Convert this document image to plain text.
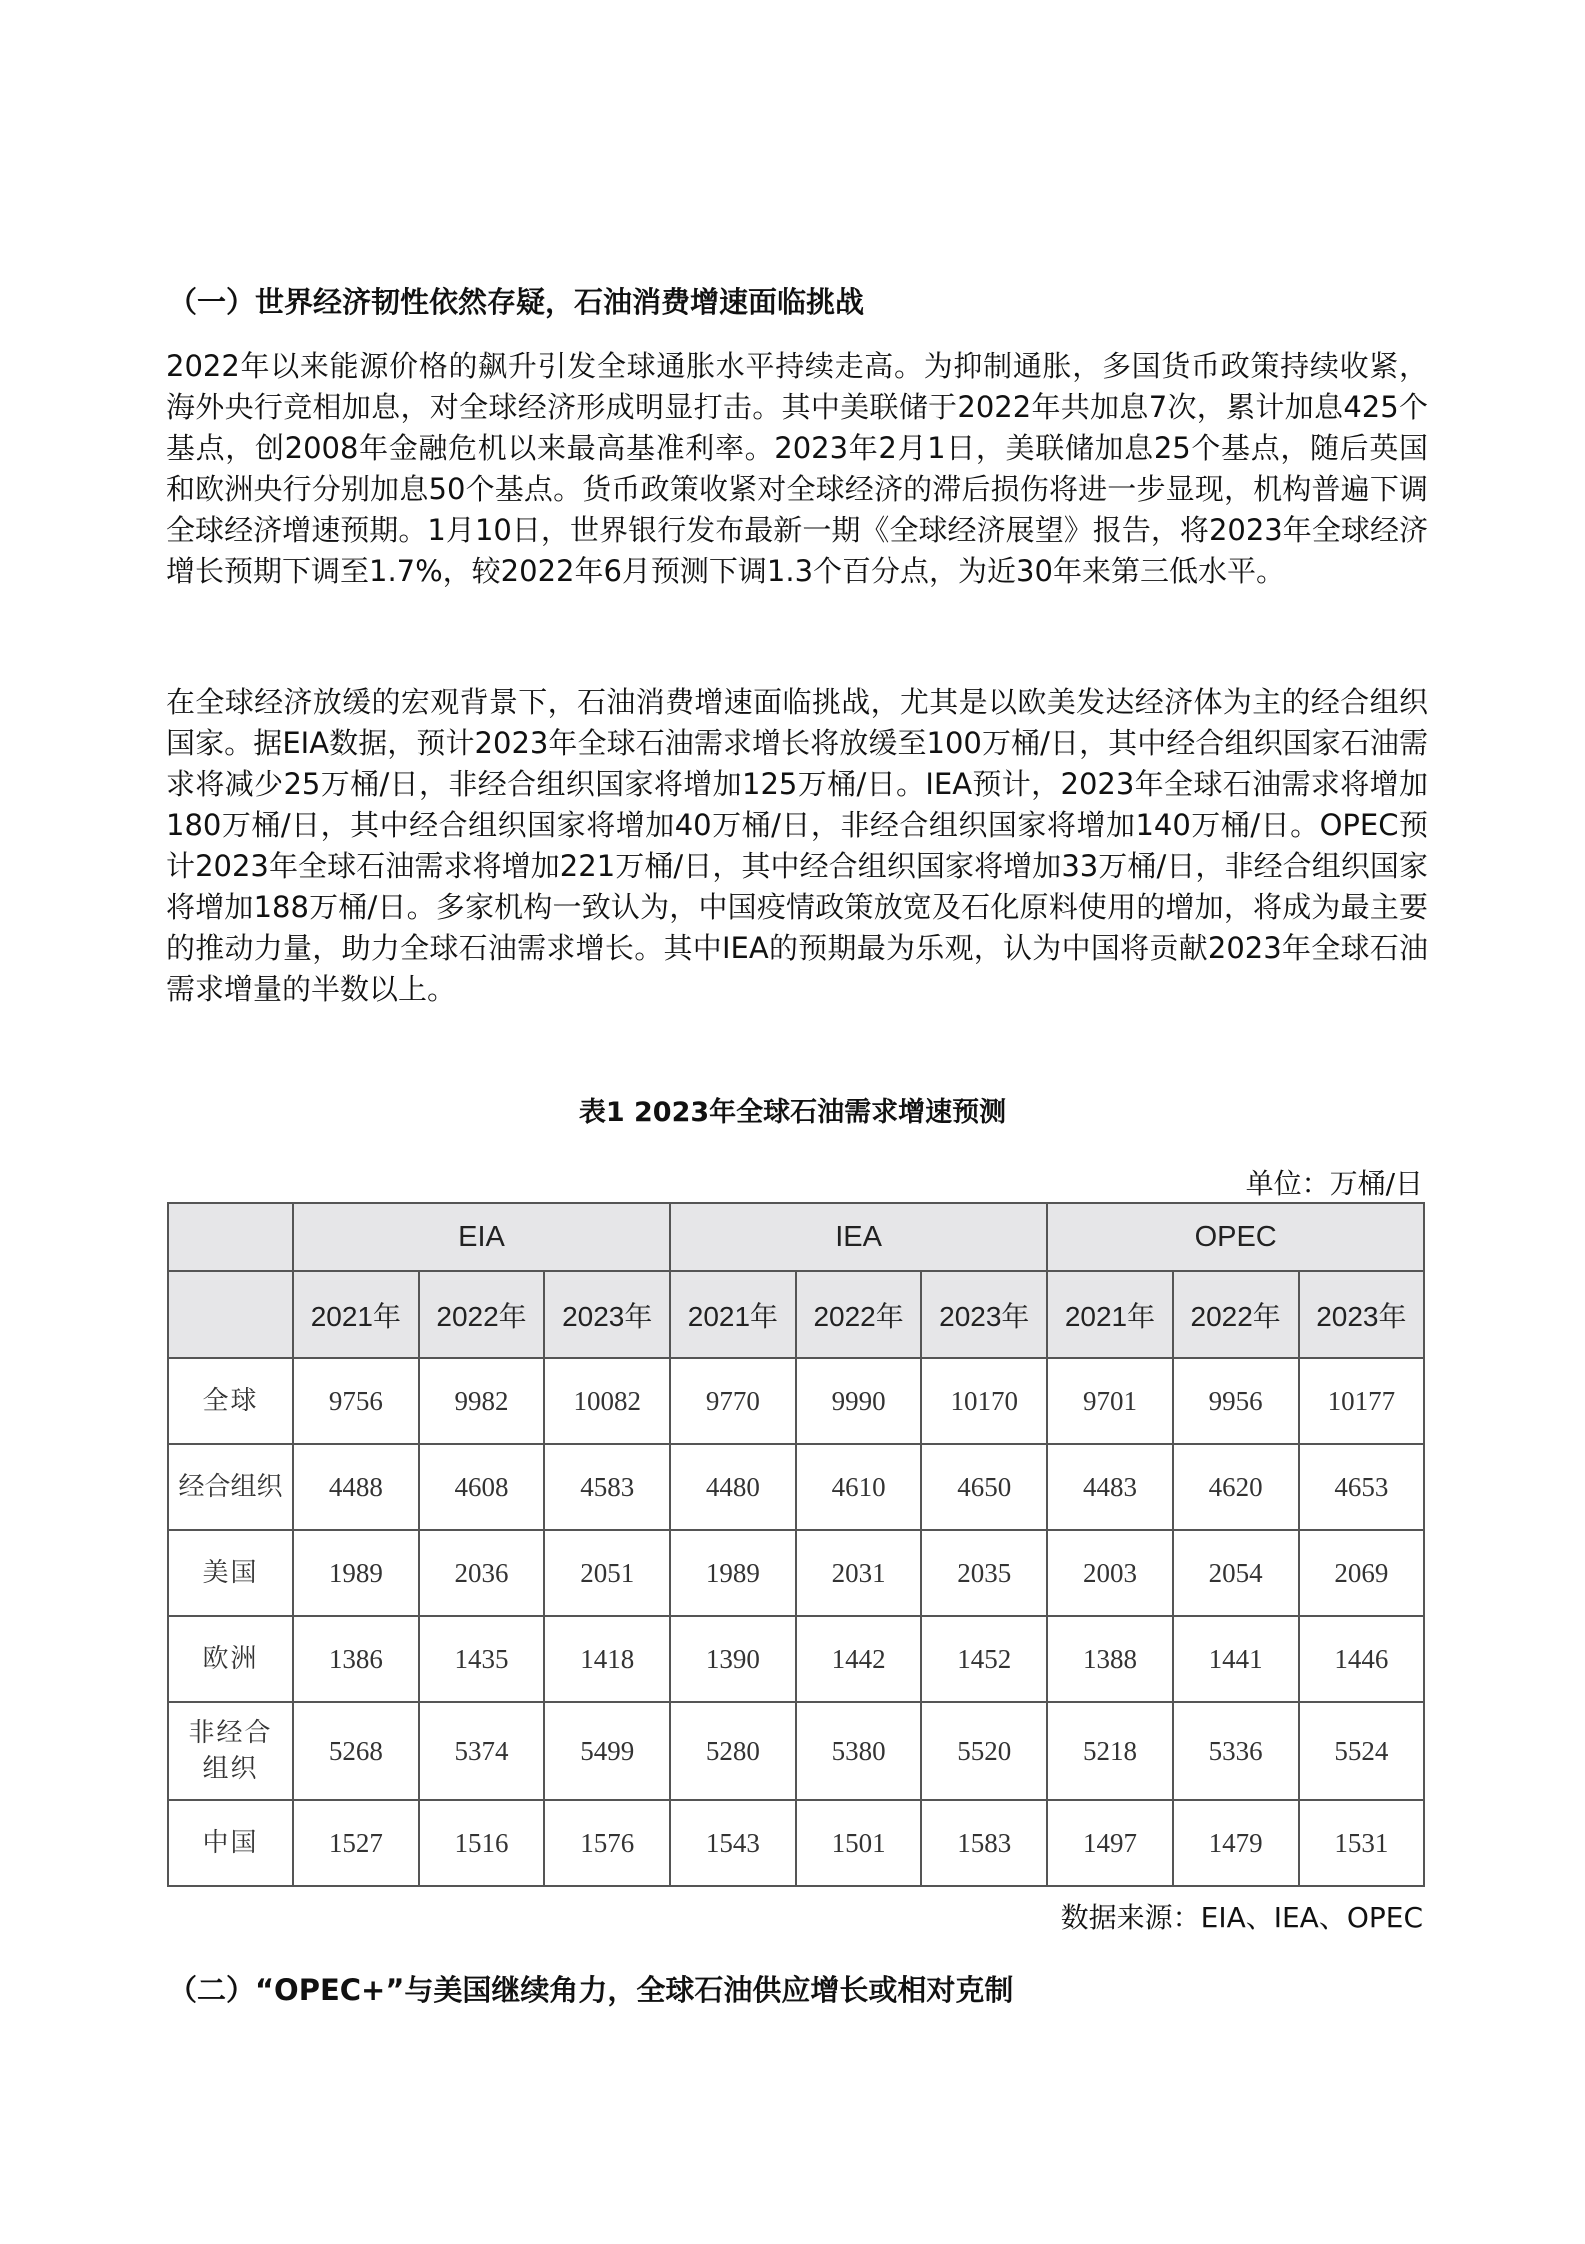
（一）世界经济韧性依然存疑，石油消费增速面临挑战

2022年以来能源价格的飙升引发全球通胀水平持续走高。为抑制通胀，多国货币政策持续收紧，海外央行竞相加息，对全球经济形成明显打击。其中美联储于2022年共加息7次，累计加息425个基点，创2008年金融危机以来最高基准利率。2023年2月1日，美联储加息25个基点，随后英国和欧洲央行分别加息50个基点。货币政策收紧对全球经济的滞后损伤将进一步显现，机构普遍下调全球经济增速预期。1月10日，世界银行发布最新一期《全球经济展望》报告，将2023年全球经济增长预期下调至1.7%，较2022年6月预测下调1.3个百分点，为近30年来第三低水平。

在全球经济放缓的宏观背景下，石油消费增速面临挑战，尤其是以欧美发达经济体为主的经合组织国家。据EIA数据，预计2023年全球石油需求增长将放缓至100万桶/日，其中经合组织国家石油需求将减少25万桶/日，非经合组织国家将增加125万桶/日。IEA预计，2023年全球石油需求将增加180万桶/日，其中经合组织国家将增加40万桶/日，非经合组织国家将增加140万桶/日。OPEC预计2023年全球石油需求将增加221万桶/日，其中经合组织国家将增加33万桶/日，非经合组织国家将增加188万桶/日。多家机构一致认为，中国疫情政策放宽及石化原料使用的增加，将成为最主要的推动力量，助力全球石油需求增长。其中IEA的预期最为乐观，认为中国将贡献2023年全球石油需求增量的半数以上。

表1 2023年全球石油需求增速预测
单位：万桶/日
	EIA			IEA			OPEC		
	2021年	2022年	2023年	2021年	2022年	2023年	2021年	2022年	2023年
全球	9756	9982	10082	9770	9990	10170	9701	9956	10177
经合组织	4488	4608	4583	4480	4610	4650	4483	4620	4653
美国	1989	2036	2051	1989	2031	2035	2003	2054	2069
欧洲	1386	1435	1418	1390	1442	1452	1388	1441	1446

非经合
组织	5268	5374	5499	5280	5380	5520	5218	5336	5524
中国	1527	1516	1576	1543	1501	1583	1497	1479	1531
数据来源：EIA、IEA、OPEC
（二）“OPEC+”与美国继续角力，全球石油供应增长或相对克制
